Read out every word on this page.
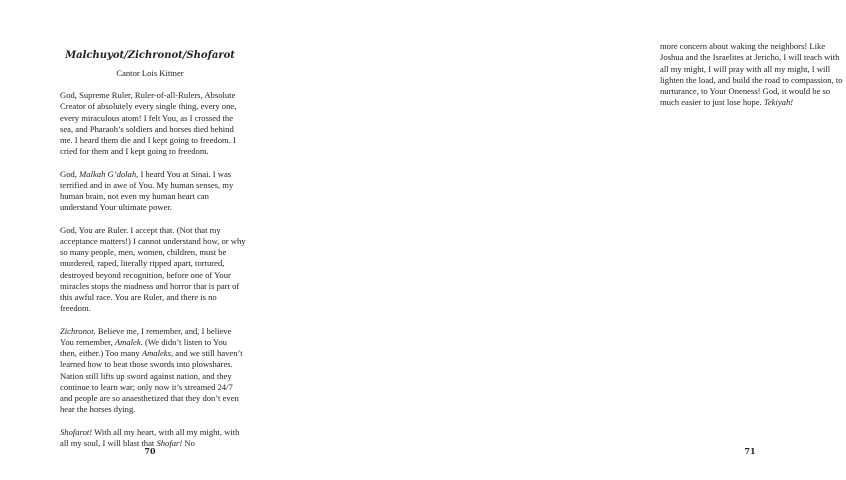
Malchuyot/Zichronot/Shofarot
Cantor Lois Kittner

God, Supreme Ruler, Ruler-of-all-Rulers, Absolute Creator of absolutely every single thing, every one, every miraculous atom! I felt You, as I crossed the sea, and Pharaoh’s soldiers and horses died behind me. I heard them die and I kept going to freedom. I cried for them and I kept going to freedom.

God, Malkah G’dolah, I heard You at Sinai. I was terrified and in awe of You. My human senses, my human brain, not even my human heart can understand Your ultimate power.

God, You are Ruler. I accept that. (Not that my acceptance matters!) I cannot understand how, or why so many people, men, women, children, must be murdered, raped, literally ripped apart, tortured, destroyed beyond recognition, before one of Your miracles stops the madness and horror that is part of this awful race. You are Ruler, and there is no freedom.

Zichronot. Believe me, I remember, and, I believe You remember, Amalek. (We didn’t listen to You then, either.) Too many Amaleks, and we still haven’t learned how to beat those swords into plowshares. Nation still lifts up sword against nation, and they continue to learn war; only now it’s streamed 24/7 and people are so anaesthetized that they don’t even hear the horses dying.

Shofarot! With all my heart, with all my might, with all my soul, I will blast that Shofar! No

70

more concern about waking the neighbors! Like Joshua and the Israelites at Jericho, I will teach with all my might, I will pray with all my might, I will lighten the load, and build the road to compassion, to nurturance, to Your Oneness! God, it would be so much easier to just lose hope. Tekiyah!

71
